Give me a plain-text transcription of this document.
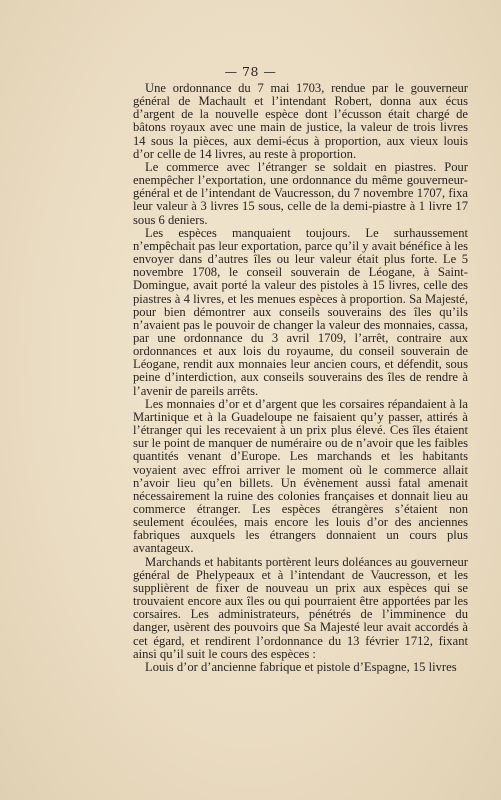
— 78 —

Une ordonnance du 7 mai 1703, rendue par le gouverneur général de Machault et l’intendant Robert, donna aux écus d’argent de la nouvelle espèce dont l’écusson était chargé de bâtons royaux avec une main de justice, la valeur de trois livres 14 sous la pièces, aux demi-écus à proportion, aux vieux louis d’or celle de 14 livres, au reste à proportion.

Le commerce avec l’étranger se soldait en piastres. Pour enempêcher l’exportation, une ordonnance du même gouverneur-général et de l’intendant de Vaucresson, du 7 novembre 1707, fixa leur valeur à 3 livres 15 sous, celle de la demi-piastre à 1 livre 17 sous 6 deniers.

Les espèces manquaient toujours. Le surhaussement n’empêchait pas leur exportation, parce qu’il y avait bénéfice à les envoyer dans d’autres îles ou leur valeur était plus forte. Le 5 novembre 1708, le conseil souverain de Léogane, à Saint-Domingue, avait porté la valeur des pistoles à 15 livres, celle des piastres à 4 livres, et les menues espèces à proportion. Sa Majesté, pour bien démontrer aux conseils souverains des îles qu’ils n’avaient pas le pouvoir de changer la valeur des monnaies, cassa, par une ordonnance du 3 avril 1709, l’arrêt, contraire aux ordonnances et aux lois du royaume, du conseil souverain de Léogane, rendit aux monnaies leur ancien cours, et défendit, sous peine d’interdiction, aux conseils souverains des îles de rendre à l’avenir de pareils arrêts.

Les monnaies d’or et d’argent que les corsaires répandaient à la Martinique et à la Guadeloupe ne faisaient qu’y passer, attirés à l’étranger qui les recevaient à un prix plus élevé. Ces îles étaient sur le point de manquer de numéraire ou de n’avoir que les faibles quantités venant d’Europe. Les marchands et les habitants voyaient avec effroi arriver le moment où le commerce allait n’avoir lieu qu’en billets. Un évènement aussi fatal amenait nécessairement la ruine des colonies françaises et donnait lieu au commerce étranger. Les espèces étrangères s’étaient non seulement écoulées, mais encore les louis d’or des anciennes fabriques auxquels les étrangers donnaient un cours plus avantageux.

Marchands et habitants portèrent leurs doléances au gouverneur général de Phelypeaux et à l’intendant de Vaucresson, et les supplièrent de fixer de nouveau un prix aux espèces qui se trouvaient encore aux îles ou qui pourraient être apportées par les corsaires. Les administrateurs, pénétrés de l’imminence du danger, usèrent des pouvoirs que Sa Majesté leur avait accordés à cet égard, et rendirent l’ordonnance du 13 février 1712, fixant ainsi qu’il suit le cours des espèces :

Louis d’or d’ancienne fabrique et pistole d’Espagne, 15 livres
